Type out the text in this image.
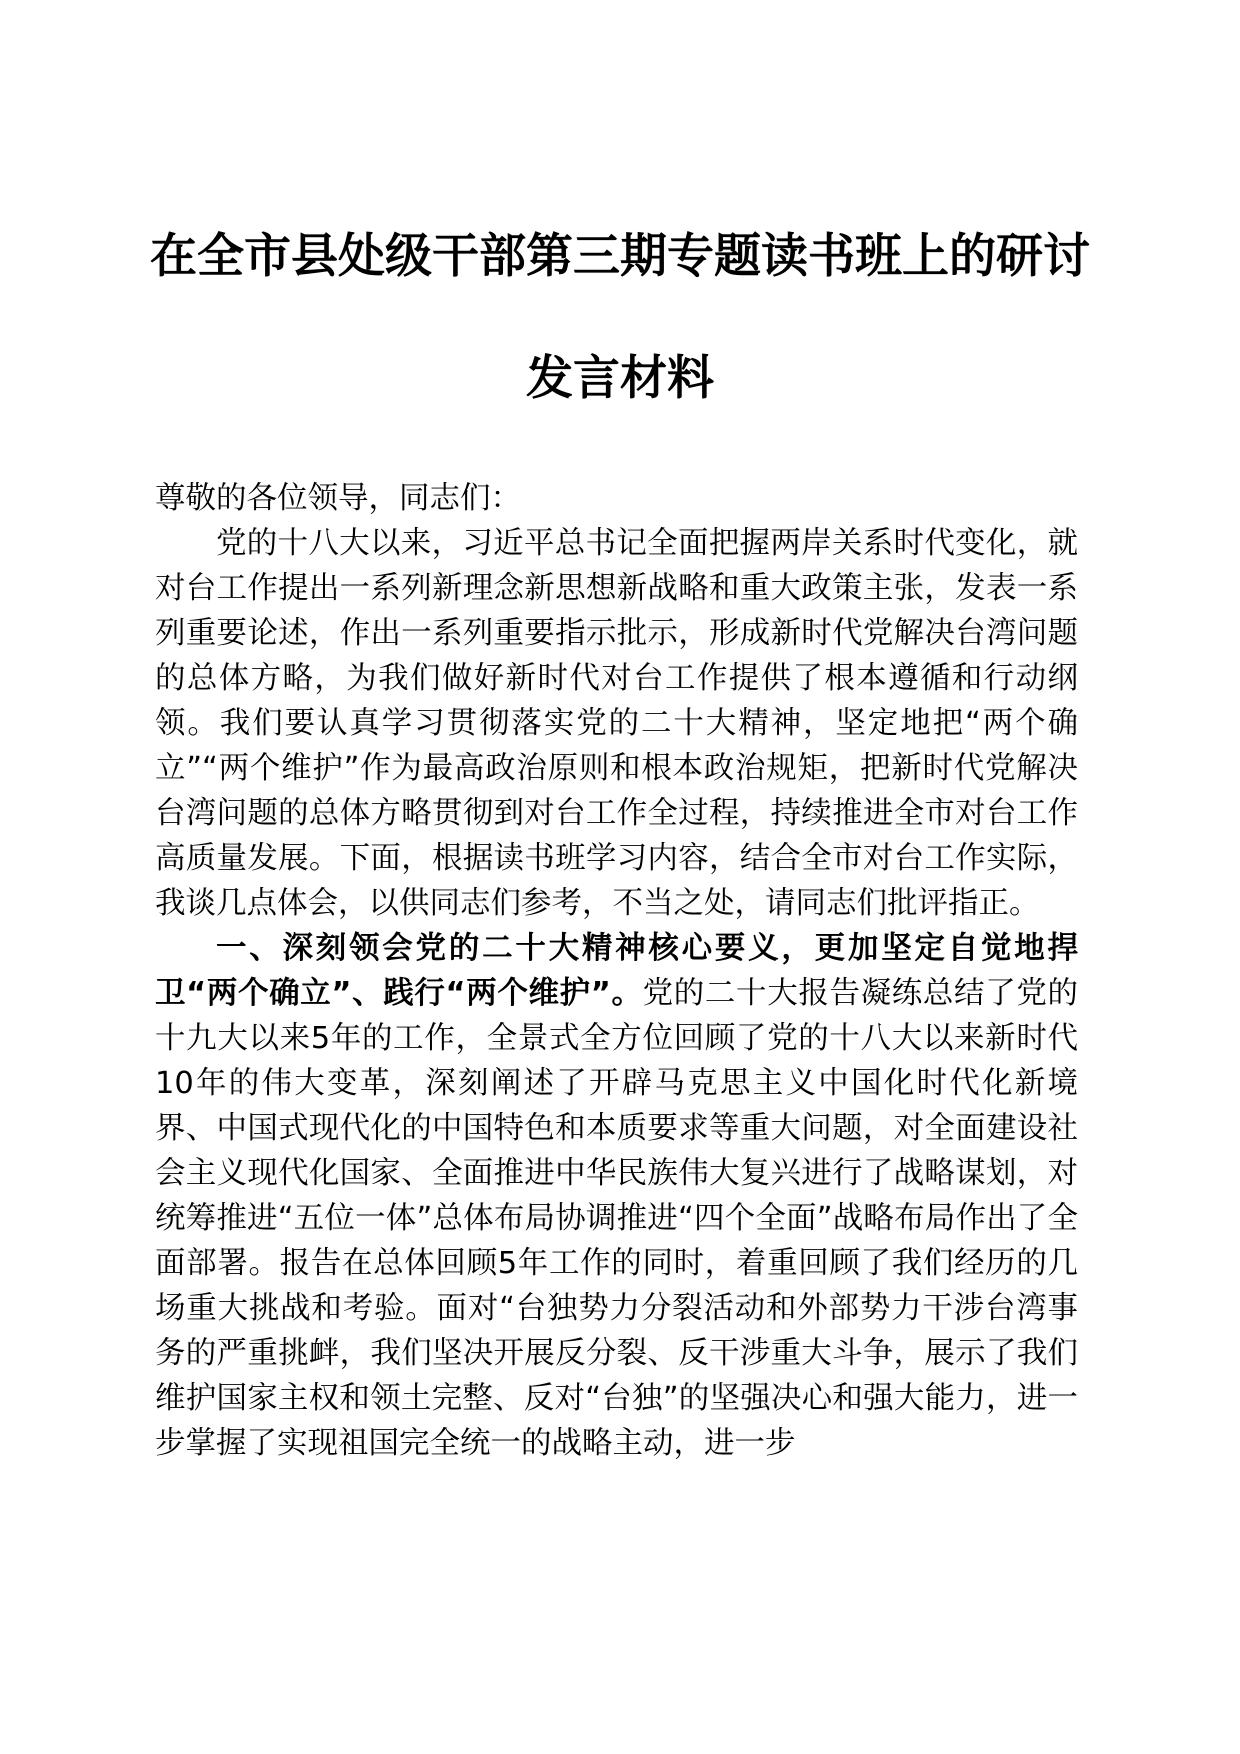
在全市县处级干部第三期专题读书班上的研讨
发言材料

尊敬的各位领导，同志们：

党的十八大以来，习近平总书记全面把握两岸关系时代变化，就对台工作提出一系列新理念新思想新战略和重大政策主张，发表一系列重要论述，作出一系列重要指示批示，形成新时代党解决台湾问题的总体方略，为我们做好新时代对台工作提供了根本遵循和行动纲领。我们要认真学习贯彻落实党的二十大精神，坚定地把“两个确立”“两个维护”作为最高政治原则和根本政治规矩，把新时代党解决台湾问题的总体方略贯彻到对台工作全过程，持续推进全市对台工作高质量发展。下面，根据读书班学习内容，结合全市对台工作实际，我谈几点体会，以供同志们参考，不当之处，请同志们批评指正。

一、深刻领会党的二十大精神核心要义，更加坚定自觉地捍卫“两个确立”、践行“两个维护”。党的二十大报告凝练总结了党的十九大以来5年的工作，全景式全方位回顾了党的十八大以来新时代10年的伟大变革，深刻阐述了开辟马克思主义中国化时代化新境界、中国式现代化的中国特色和本质要求等重大问题，对全面建设社会主义现代化国家、全面推进中华民族伟大复兴进行了战略谋划，对统筹推进“五位一体”总体布局协调推进“四个全面”战略布局作出了全面部署。报告在总体回顾5年工作的同时，着重回顾了我们经历的几场重大挑战和考验。面对“台独势力分裂活动和外部势力干涉台湾事务的严重挑衅，我们坚决开展反分裂、反干涉重大斗争，展示了我们维护国家主权和领土完整、反对“台独”的坚强决心和强大能力，进一步掌握了实现祖国完全统一的战略主动，进一步
